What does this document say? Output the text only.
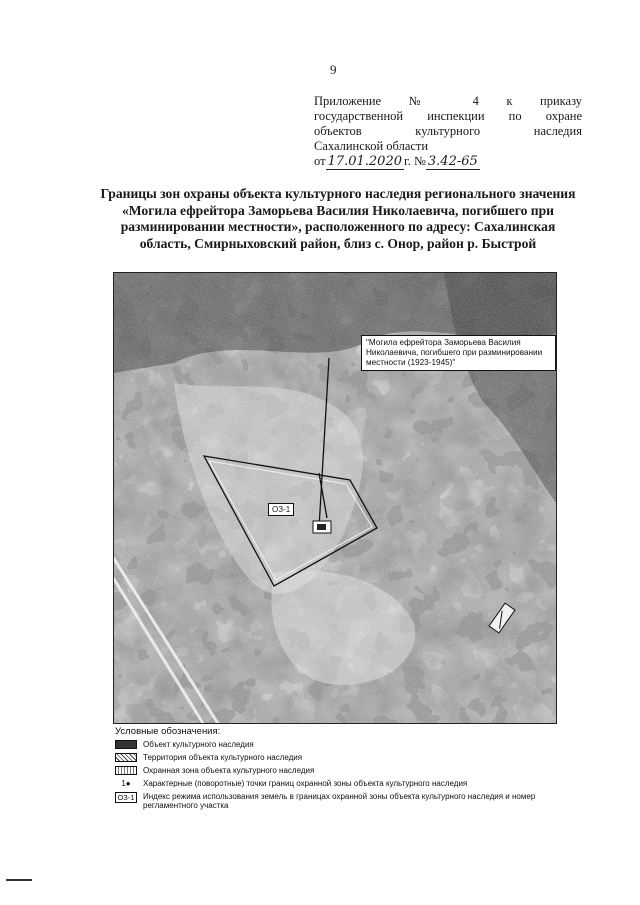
9
Приложение № 4 к приказу
государственной инспекции по охране
объектов культурного наследия
Сахалинской области
от 17.01.2020 г. № 3.42-65
Границы зон охраны объекта культурного наследия регионального значения «Могила ефрейтора Заморьева Василия Николаевича, погибшего при разминировании местности», расположенного по адресу: Сахалинская область, Смирныховский район, близ с. Онор, район р. Быстрой
"Могила ефрейтора Заморьева Василия Николаевича, погибшего при разминировании местности (1923-1945)"
ОЗ-1
Условные обозначения:
Объект культурного наследия
Территория объекта культурного наследия
Охранная зона объекта культурного наследия
1●	Характерные (поворотные) точки границ охранной зоны объекта культурного наследия
ОЗ-1	Индекс режима использования земель в границах охранной зоны объекта культурного наследия и номер регламентного участка
